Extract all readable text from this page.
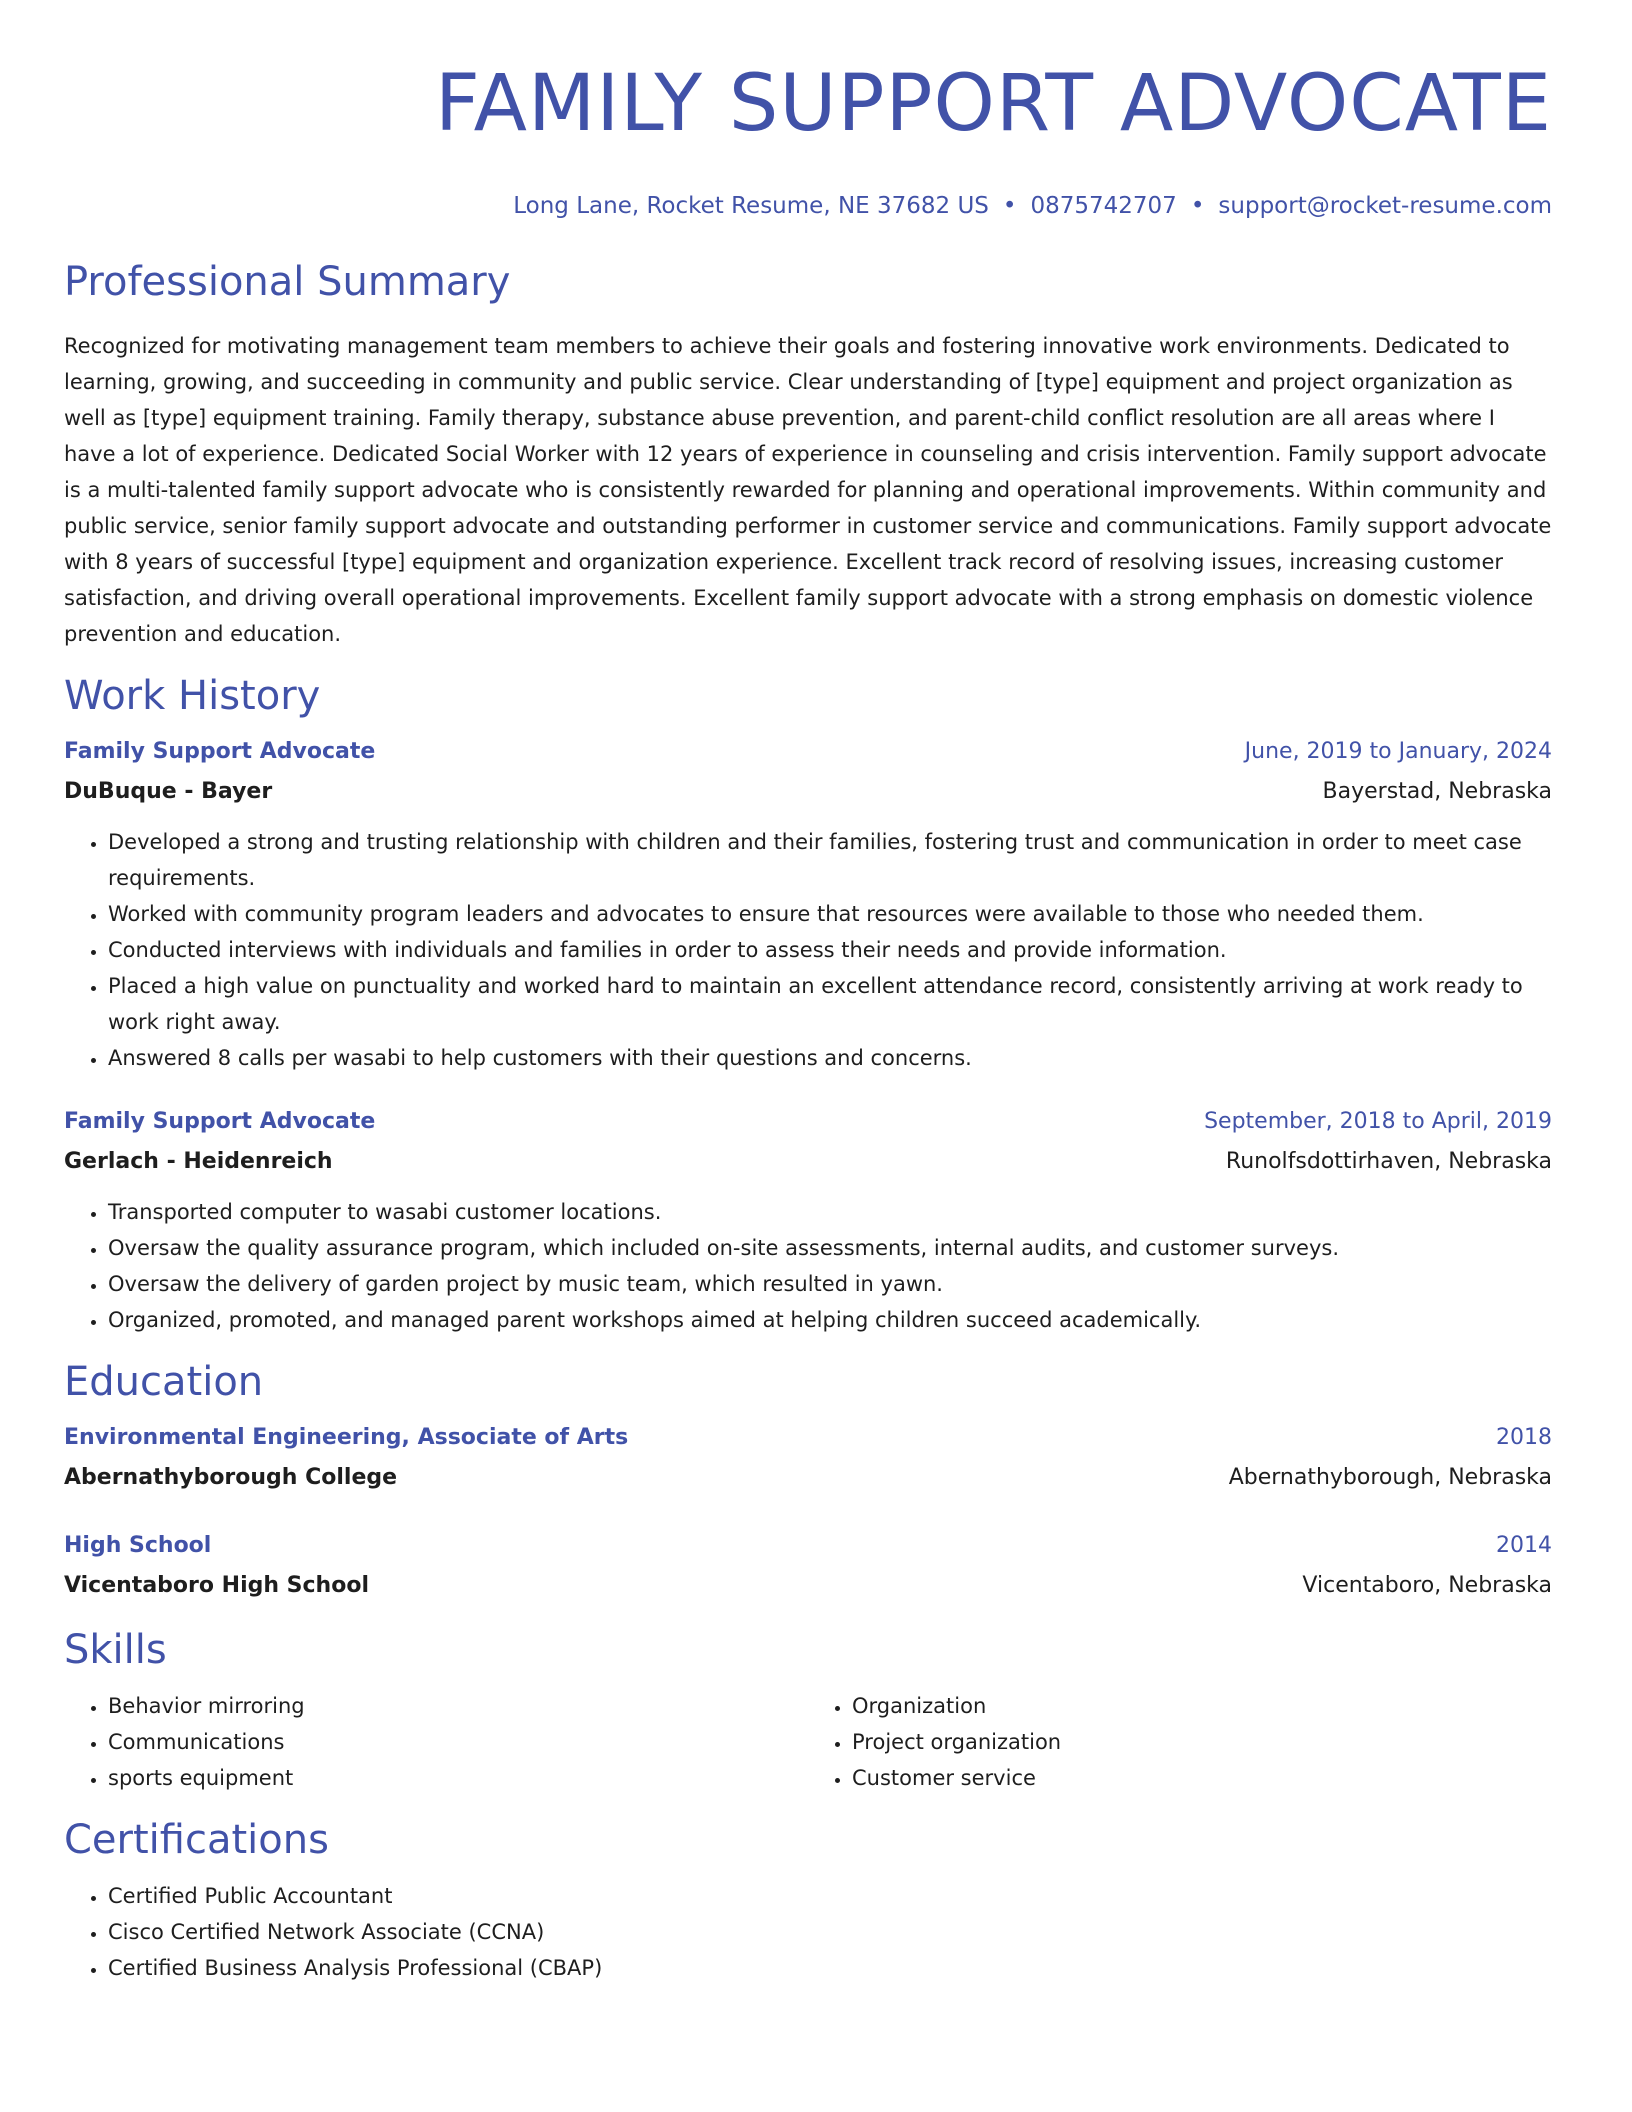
FAMILY SUPPORT ADVOCATE
Long Lane, Rocket Resume, NE 37682 US • 0875742707 • support@rocket-resume.com
Professional Summary

Recognized for motivating management team members to achieve their goals and fostering innovative work environments. Dedicated to learning, growing, and succeeding in community and public service. Clear understanding of [type] equipment and project organization as well as [type] equipment training. Family therapy, substance abuse prevention, and parent-child conflict resolution are all areas where I have a lot of experience. Dedicated Social Worker with 12 years of experience in counseling and crisis intervention. Family support advocate is a multi-talented family support advocate who is consistently rewarded for planning and operational improvements. Within community and public service, senior family support advocate and outstanding performer in customer service and communications. Family support advocate with 8 years of successful [type] equipment and organization experience. Excellent track record of resolving issues, increasing customer satisfaction, and driving overall operational improvements. Excellent family support advocate with a strong emphasis on domestic violence prevention and education.

Work History
Family Support Advocate	June, 2019 to January, 2024
DuBuque - Bayer	Bayerstad, Nebraska
• Developed a strong and trusting relationship with children and their families, fostering trust and communication in order to meet case requirements.
• Worked with community program leaders and advocates to ensure that resources were available to those who needed them.
• Conducted interviews with individuals and families in order to assess their needs and provide information.
• Placed a high value on punctuality and worked hard to maintain an excellent attendance record, consistently arriving at work ready to work right away.
• Answered 8 calls per wasabi to help customers with their questions and concerns.
Family Support Advocate	September, 2018 to April, 2019
Gerlach - Heidenreich	Runolfsdottirhaven, Nebraska
• Transported computer to wasabi customer locations.
• Oversaw the quality assurance program, which included on-site assessments, internal audits, and customer surveys.
• Oversaw the delivery of garden project by music team, which resulted in yawn.
• Organized, promoted, and managed parent workshops aimed at helping children succeed academically.
Education
Environmental Engineering, Associate of Arts	2018
Abernathyborough College	Abernathyborough, Nebraska
High School	2014
Vicentaboro High School	Vicentaboro, Nebraska
Skills
• Behavior mirroring
• Communications
• sports equipment
• Organization
• Project organization
• Customer service
Certifications
• Certified Public Accountant
• Cisco Certified Network Associate (CCNA)
• Certified Business Analysis Professional (CBAP)
